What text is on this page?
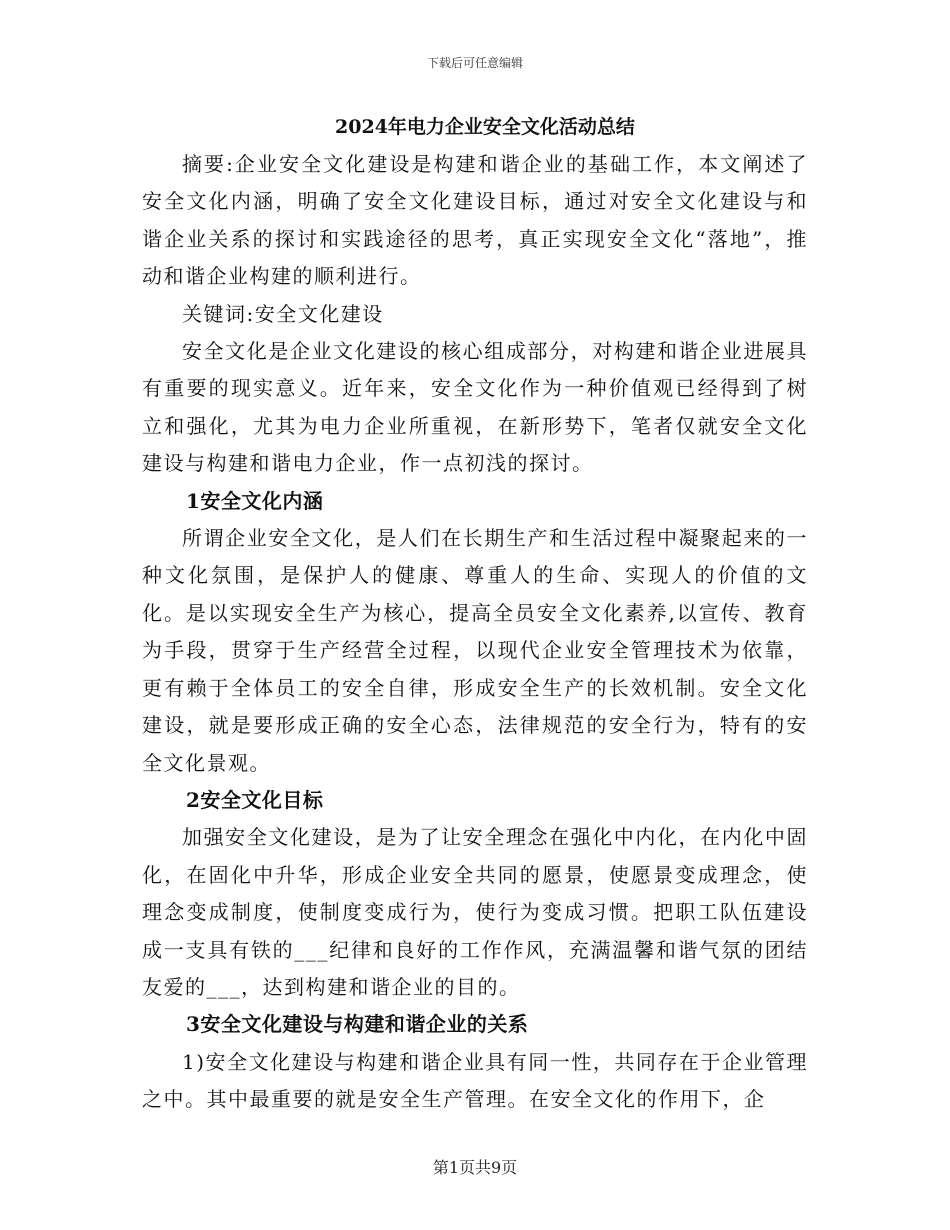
下载后可任意编辑
2024年电力企业安全文化活动总结

摘要:企业安全文化建设是构建和谐企业的基础工作，本文阐述了安全文化内涵，明确了安全文化建设目标，通过对安全文化建设与和谐企业关系的探讨和实践途径的思考，真正实现安全文化“落地”，推动和谐企业构建的顺利进行。

关键词:安全文化建设

安全文化是企业文化建设的核心组成部分，对构建和谐企业进展具有重要的现实意义。近年来，安全文化作为一种价值观已经得到了树立和强化，尤其为电力企业所重视，在新形势下，笔者仅就安全文化建设与构建和谐电力企业，作一点初浅的探讨。

1安全文化内涵

所谓企业安全文化，是人们在长期生产和生活过程中凝聚起来的一种文化氛围，是保护人的健康、尊重人的生命、实现人的价值的文化。是以实现安全生产为核心，提高全员安全文化素养,以宣传、教育为手段，贯穿于生产经营全过程，以现代企业安全管理技术为依靠，更有赖于全体员工的安全自律，形成安全生产的长效机制。安全文化建设，就是要形成正确的安全心态，法律规范的安全行为，特有的安全文化景观。

2安全文化目标

加强安全文化建设，是为了让安全理念在强化中内化，在内化中固化，在固化中升华，形成企业安全共同的愿景，使愿景变成理念，使理念变成制度，使制度变成行为，使行为变成习惯。把职工队伍建设成一支具有铁的___纪律和良好的工作作风，充满温馨和谐气氛的团结友爱的___，达到构建和谐企业的目的。

3安全文化建设与构建和谐企业的关系

1)安全文化建设与构建和谐企业具有同一性，共同存在于企业管理之中。其中最重要的就是安全生产管理。在安全文化的作用下，企

第1页共9页
